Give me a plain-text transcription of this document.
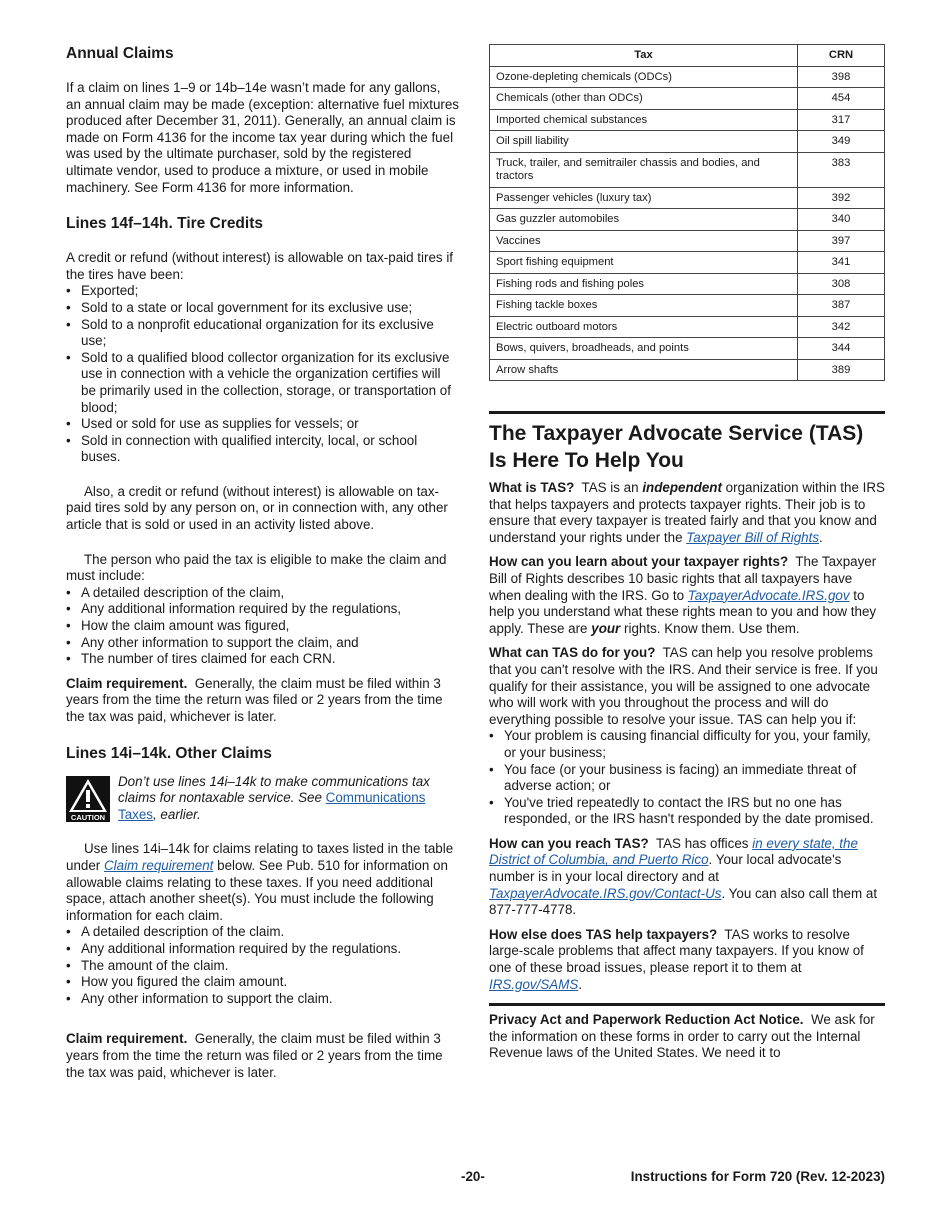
Annual Claims

If a claim on lines 1–9 or 14b–14e wasn’t made for any gallons, an annual claim may be made (exception: alternative fuel mixtures produced after December 31, 2011). Generally, an annual claim is made on Form 4136 for the income tax year during which the fuel was used by the ultimate purchaser, sold by the registered ultimate vendor, used to produce a mixture, or used in mobile machinery. See Form 4136 for more information.

Lines 14f–14h. Tire Credits

A credit or refund (without interest) is allowable on tax-paid tires if the tires have been:

• Exported;
• Sold to a state or local government for its exclusive use;
• Sold to a nonprofit educational organization for its exclusive use;
• Sold to a qualified blood collector organization for its exclusive use in connection with a vehicle the organization certifies will be primarily used in the collection, storage, or transportation of blood;
• Used or sold for use as supplies for vessels; or
• Sold in connection with qualified intercity, local, or school buses.

Also, a credit or refund (without interest) is allowable on tax-paid tires sold by any person on, or in connection with, any other article that is sold or used in an activity listed above.

The person who paid the tax is eligible to make the claim and must include:

• A detailed description of the claim,
• Any additional information required by the regulations,
• How the claim amount was figured,
• Any other information to support the claim, and
• The number of tires claimed for each CRN.

Claim requirement. Generally, the claim must be filed within 3 years from the time the return was filed or 2 years from the time the tax was paid, whichever is later.

Lines 14i–14k. Other Claims
CAUTION
Don’t use lines 14i–14k to make communications tax claims for nontaxable service. See Communications Taxes, earlier.

Use lines 14i–14k for claims relating to taxes listed in the table under Claim requirement below. See Pub. 510 for information on allowable claims relating to these taxes. If you need additional space, attach another sheet(s). You must include the following information for each claim.

• A detailed description of the claim.
• Any additional information required by the regulations.
• The amount of the claim.
• How you figured the claim amount.
• Any other information to support the claim.

Claim requirement. Generally, the claim must be filed within 3 years from the time the return was filed or 2 years from the time the tax was paid, whichever is later.

Tax	CRN
Ozone-depleting chemicals (ODCs)	398
Chemicals (other than ODCs)	454
Imported chemical substances	317
Oil spill liability	349
Truck, trailer, and semitrailer chassis and bodies, and tractors	383
Passenger vehicles (luxury tax)	392
Gas guzzler automobiles	340
Vaccines	397
Sport fishing equipment	341
Fishing rods and fishing poles	308
Fishing tackle boxes	387
Electric outboard motors	342
Bows, quivers, broadheads, and points	344
Arrow shafts	389
The Taxpayer Advocate Service (TAS) Is Here To Help You

What is TAS? TAS is an independent organization within the IRS that helps taxpayers and protects taxpayer rights. Their job is to ensure that every taxpayer is treated fairly and that you know and understand your rights under the Taxpayer Bill of Rights.

How can you learn about your taxpayer rights? The Taxpayer Bill of Rights describes 10 basic rights that all taxpayers have when dealing with the IRS. Go to TaxpayerAdvocate.IRS.gov to help you understand what these rights mean to you and how they apply. These are your rights. Know them. Use them.

What can TAS do for you? TAS can help you resolve problems that you can't resolve with the IRS. And their service is free. If you qualify for their assistance, you will be assigned to one advocate who will work with you throughout the process and will do everything possible to resolve your issue. TAS can help you if:

• Your problem is causing financial difficulty for you, your family, or your business;
• You face (or your business is facing) an immediate threat of adverse action; or
• You've tried repeatedly to contact the IRS but no one has responded, or the IRS hasn't responded by the date promised.

How can you reach TAS? TAS has offices in every state, the District of Columbia, and Puerto Rico. Your local advocate's number is in your local directory and at TaxpayerAdvocate.IRS.gov/Contact-Us. You can also call them at 877-777-4778.

How else does TAS help taxpayers? TAS works to resolve large-scale problems that affect many taxpayers. If you know of one of these broad issues, please report it to them at IRS.gov/SAMS.

Privacy Act and Paperwork Reduction Act Notice. We ask for the information on these forms in order to carry out the Internal Revenue laws of the United States. We need it to

-20-	Instructions for Form 720 (Rev. 12-2023)
